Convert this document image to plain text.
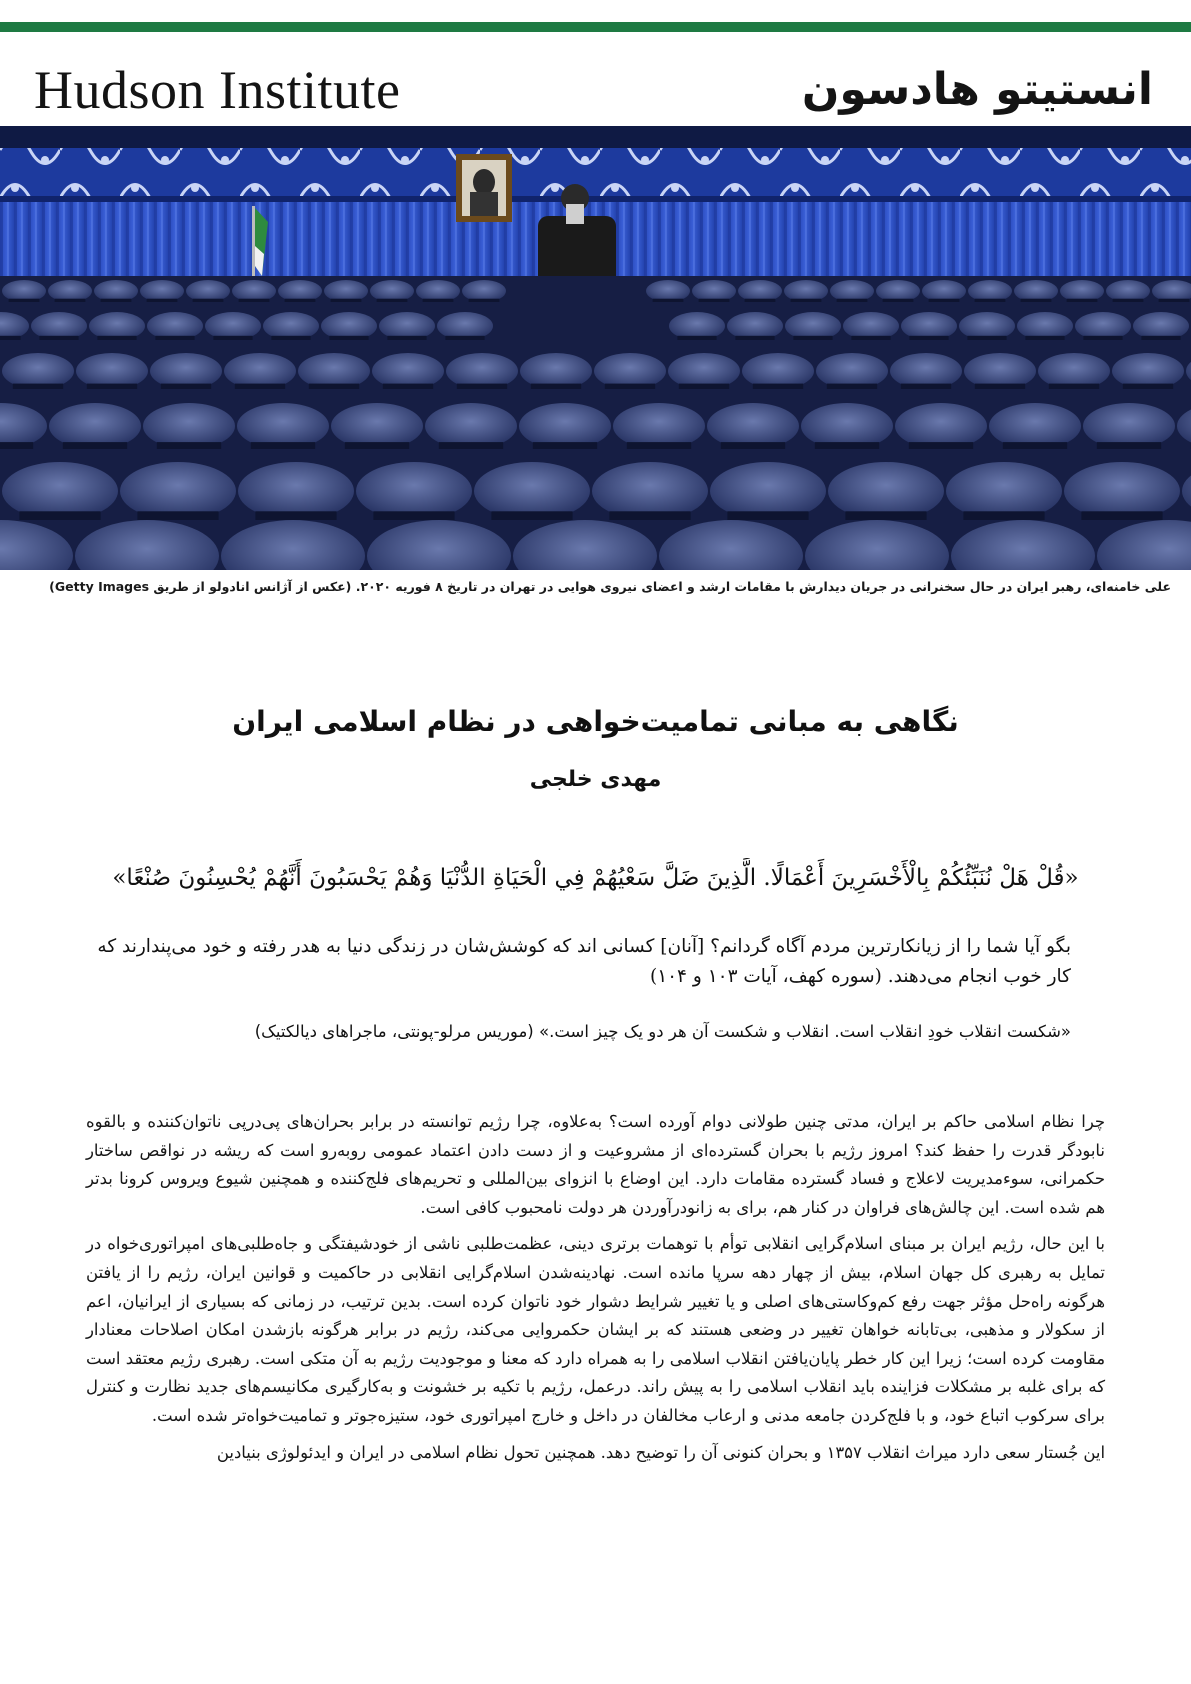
Hudson Institute	انستیتو هادسون
علی خامنه‌ای، رهبر ایران در حال سخنرانی در جریان دیدارش با مقامات ارشد و اعضای نیروی هوایی در تهران در تاریخ ۸ فوریه ۲۰۲۰. (عکس از آژانس انادولو از طریق Getty Images)
نگاهی به مبانی تمامیت‌خواهی در نظام اسلامی ایران
مهدی خلجی
«قُلْ هَلْ نُنَبِّئُكُمْ بِالْأَخْسَرِينَ أَعْمَالًا. الَّذِينَ ضَلَّ سَعْيُهُمْ فِي الْحَيَاةِ الدُّنْيَا وَهُمْ يَحْسَبُونَ أَنَّهُمْ يُحْسِنُونَ صُنْعًا»
بگو آیا شما را از زیانکارترین مردم آگاه گردانم؟ [آنان] کسانی اند که کوشش‌شان در زندگی دنیا به هدر رفته و خود می‌پندارند که کار خوب انجام می‌دهند. (سوره کهف، آیات ۱۰۳ و ۱۰۴)
«شکست انقلاب خودِ انقلاب است. انقلاب و شکست آن هر دو یک چیز است.» (موریس مرلو-پونتی، ماجراهای دیالکتیک)

چرا نظام اسلامی حاکم بر ایران، مدتی چنین طولانی دوام آورده است؟ به‌علاوه، چرا رژیم توانسته در برابر بحران‌های پی‌درپی ناتوان‌کننده و بالقوه نابودگر قدرت را حفظ کند؟ امروز رژیم با بحران گسترده‌ای از مشروعیت و از دست دادن اعتماد عمومی روبه‌رو است که ریشه در نواقص ساختار حکمرانی، سوءمدیریت لاعلاج و فساد گسترده مقامات دارد. این اوضاع با انزوای بین‌المللی و تحریم‌های فلج‌کننده و همچنین شیوع ویروس کرونا بدتر هم شده است. این چالش‌های فراوان در کنار هم، برای به زانودرآوردن هر دولت نامحبوب کافی است.

با این حال، رژیم ایران بر مبنای اسلام‌گرایی انقلابی توأم با توهمات برتری دینی، عظمت‌طلبی ناشی از خودشیفتگی و جاه‌طلبی‌های امپراتوری‌خواه در تمایل به رهبری کل جهان اسلام، بیش از چهار دهه سرپا مانده است. نهادینه‌شدن اسلام‌گرایی انقلابی در حاکمیت و قوانین ایران، رژیم را از یافتن هرگونه راه‌حل مؤثر جهت رفع کم‌وکاستی‌های اصلی و یا تغییر شرایط دشوار خود ناتوان کرده است. بدین ترتیب، در زمانی که بسیاری از ایرانیان، اعم از سکولار و مذهبی، بی‌تابانه خواهان تغییر در وضعی هستند که بر ایشان حکمروایی می‌کند، رژیم در برابر هرگونه بازشدن امکان اصلاحات معنادار مقاومت کرده است؛ زیرا این کار خطر پایان‌یافتن انقلاب اسلامی را به همراه دارد که معنا و موجودیت رژیم به آن متکی است. رهبری رژیم معتقد است که برای غلبه بر مشکلات فزاینده باید انقلاب اسلامی را به پیش راند. درعمل، رژیم با تکیه بر خشونت و به‌کارگیری مکانیسم‌های جدید نظارت و کنترل برای سرکوب اتباع خود، و با فلج‌کردن جامعه مدنی و ارعاب مخالفان در داخل و خارج امپراتوری خود، ستیزه‌جوتر و تمامیت‌خواه‌تر شده است.

این جُستار سعی دارد میراث انقلاب ۱۳۵۷ و بحران کنونی آن را توضیح دهد. همچنین تحول نظام اسلامی در ایران و ایدئولوژی بنیادین
